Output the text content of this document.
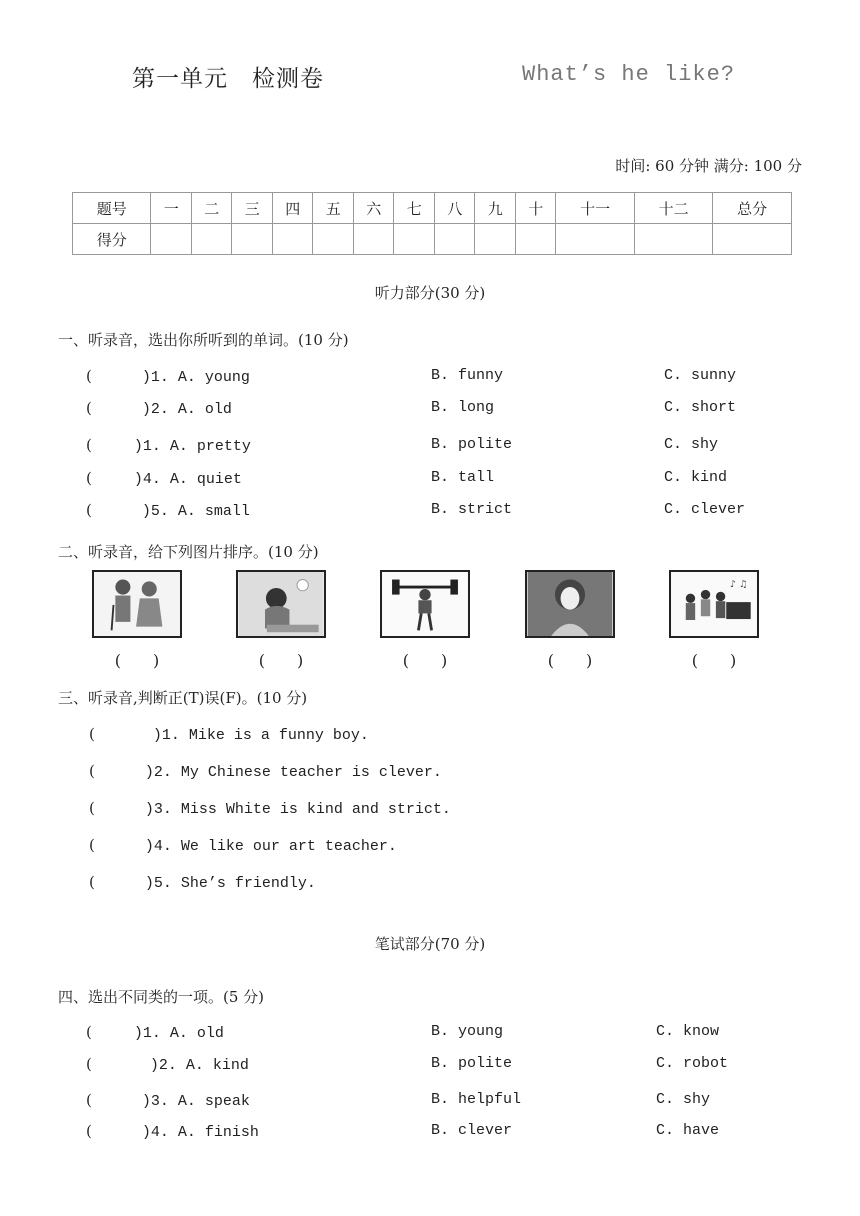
第一单元　检测卷	What’s he like?
时间: 60 分钟 满分: 100 分
题号	一	二	三	四	五	六	七	八	九	十	十一	十二	总分
得分													
听力部分(30 分)
一、听录音，选出你所听到的单词。(10 分)
(	)1. A. young	B. funny	C. sunny
(	)2. A. old	B. long	C. short
(	)1. A. pretty	B. polite	C. shy
(	)4. A. quiet	B. tall	C. kind
(	)5. A. small	B. strict	C. clever
二、听录音，给下列图片排序。(10 分)
♪ ♫
(　　)	(　　)	(　　)	(　　)	(　　)
三、听录音,判断正(T)误(F)。(10 分)
(	)1. Mike is a funny boy.
(	)2. My Chinese teacher is clever.
(	)3. Miss White is kind and strict.
(	)4. We like our art teacher.
(	)5. She’s friendly.
笔试部分(70 分)
四、选出不同类的一项。(5 分)
(	)1. A. old	B. young	C. know
(	)2. A. kind	B. polite	C. robot
(	)3. A. speak	B. helpful	C. shy
(	)4. A. finish	B. clever	C. have
